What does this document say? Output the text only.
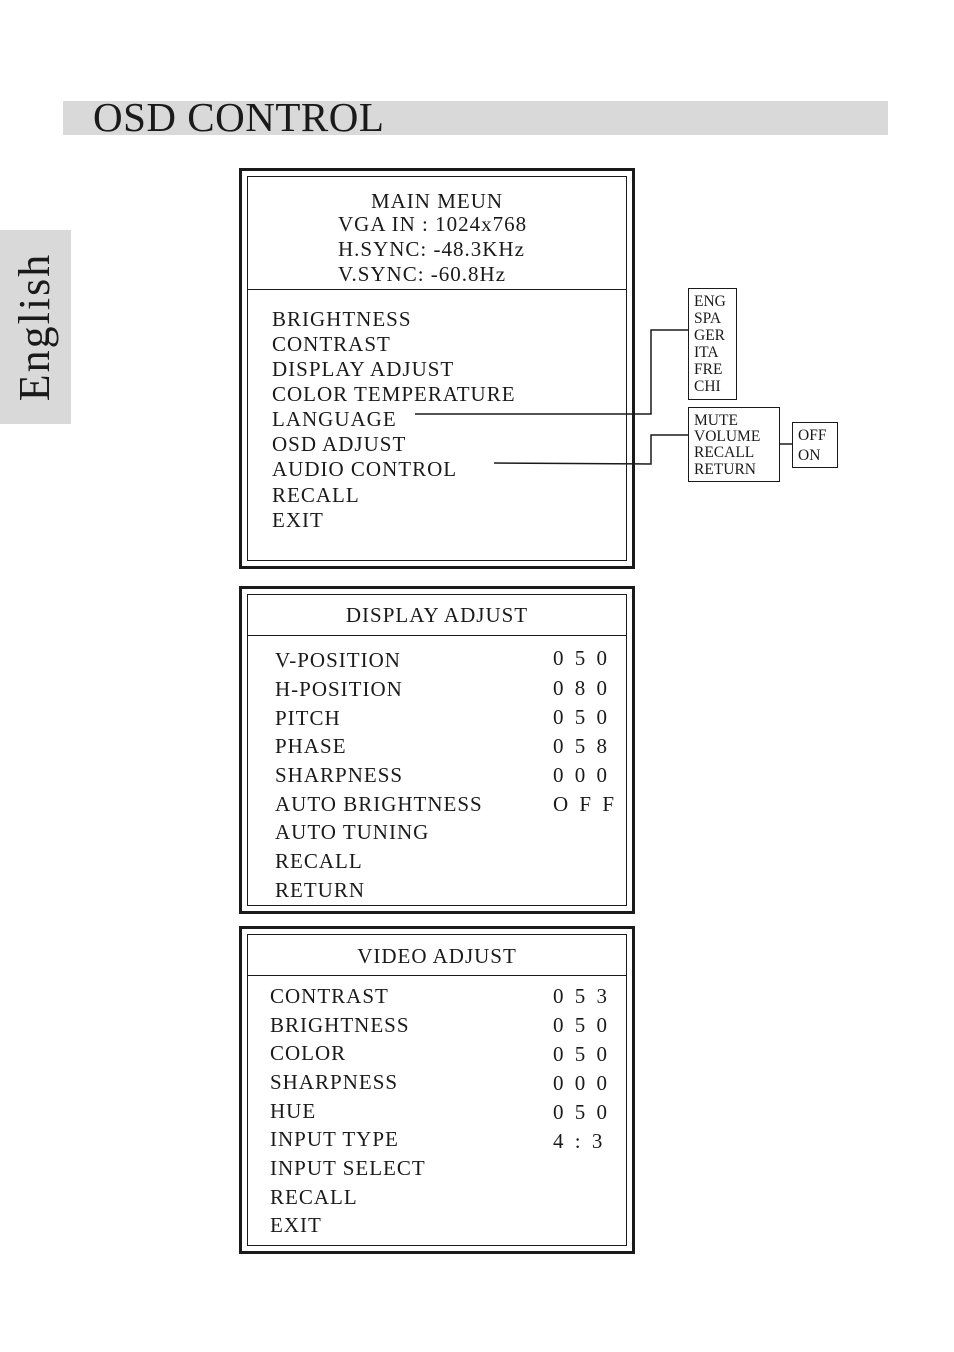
OSD CONTROL
English
MAIN MEUN
VGA IN : 1024x768
H.SYNC: -48.3KHz
V.SYNC: -60.8Hz
BRIGHTNESS
CONTRAST
DISPLAY ADJUST
COLOR TEMPERATURE
LANGUAGE
OSD ADJUST
AUDIO CONTROL
RECALL
EXIT
ENG
SPA
GER
ITA
FRE
CHI
MUTE
VOLUME
RECALL
RETURN
OFF
ON
DISPLAY ADJUST
V-POSITION	0 5 0
H-POSITION	0 8 0
PITCH	0 5 0
PHASE	0 5 8
SHARPNESS	0 0 0
AUTO BRIGHTNESS	O F F
AUTO TUNING
RECALL
RETURN
VIDEO ADJUST
CONTRAST	0 5 3
BRIGHTNESS	0 5 0
COLOR	0 5 0
SHARPNESS	0 0 0
HUE	0 5 0
INPUT TYPE	4 : 3
INPUT SELECT
RECALL
EXIT
